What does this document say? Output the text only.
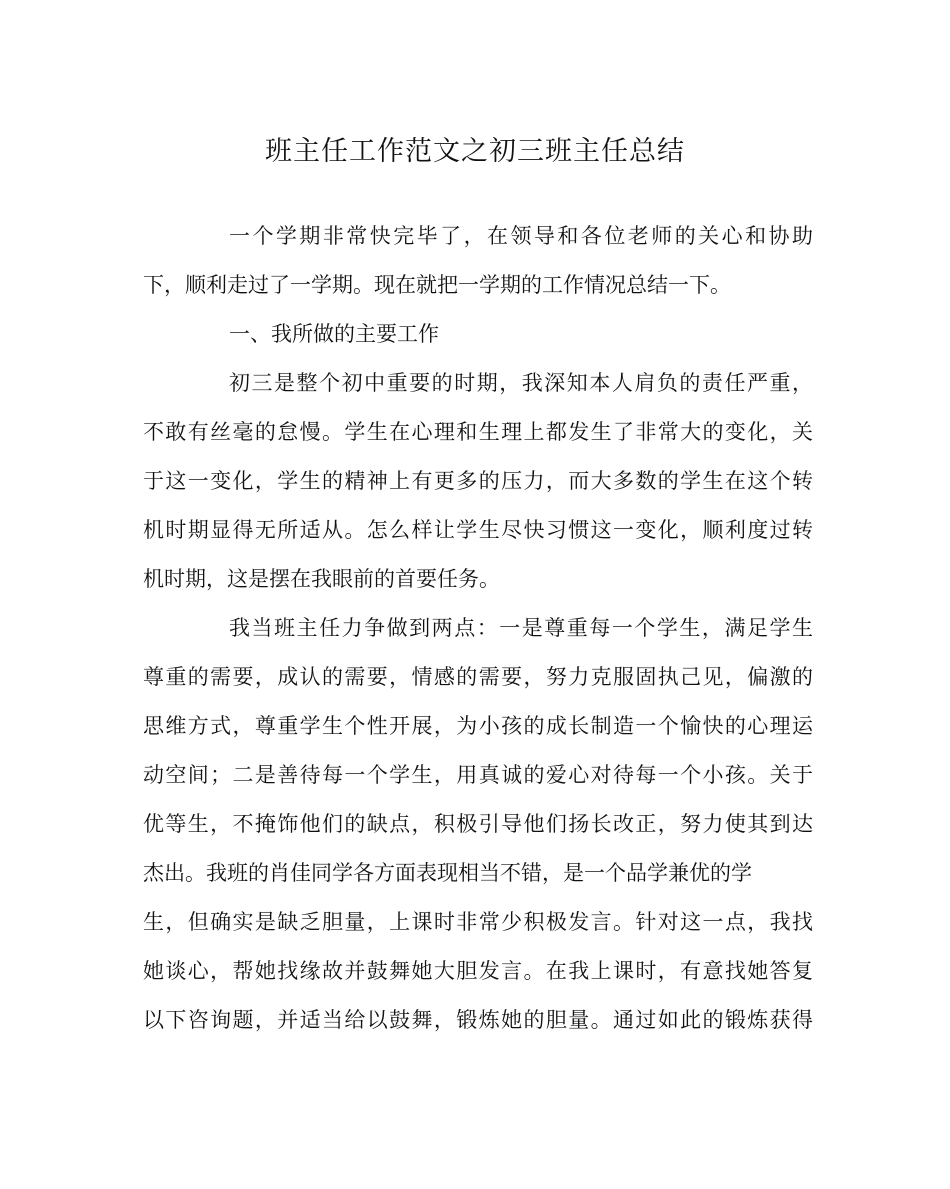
班主任工作范文之初三班主任总结

一个学期非常快完毕了，在领导和各位老师的关心和协助
下，顺利走过了一学期。现在就把一学期的工作情况总结一下。

一、我所做的主要工作

初三是整个初中重要的时期，我深知本人肩负的责任严重，
不敢有丝毫的怠慢。学生在心理和生理上都发生了非常大的变化，关
于这一变化，学生的精神上有更多的压力，而大多数的学生在这个转
机时期显得无所适从。怎么样让学生尽快习惯这一变化，顺利度过转
机时期，这是摆在我眼前的首要任务。

我当班主任力争做到两点：一是尊重每一个学生，满足学生
尊重的需要，成认的需要，情感的需要，努力克服固执己见，偏激的
思维方式，尊重学生个性开展，为小孩的成长制造一个愉快的心理运
动空间；二是善待每一个学生，用真诚的爱心对待每一个小孩。关于
优等生，不掩饰他们的缺点，积极引导他们扬长改正，努力使其到达
杰出。我班的肖佳同学各方面表现相当不错，是一个品学兼优的学
生，但确实是缺乏胆量，上课时非常少积极发言。针对这一点，我找
她谈心，帮她找缘故并鼓舞她大胆发言。在我上课时，有意找她答复
以下咨询题，并适当给以鼓舞，锻炼她的胆量。通过如此的锻炼获得
